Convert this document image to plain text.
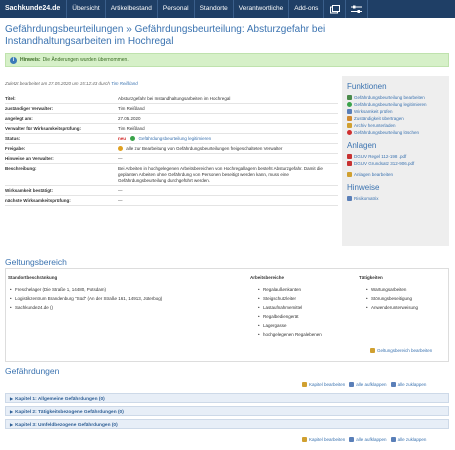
Sachkunde24.de	Übersicht	Artikelbestand	Personal	Standorte	Verantwortliche	Add-ons
Gefährdungsbeurteilungen » Gefährdungsbeurteilung: Absturzgefahr bei Instandhaltungsarbeiten im Hochregal
i	Hinweis: Die Änderungen wurden übernommen.
Zuletzt bearbeitet am 27.05.2020 um 15:12:43 durch Tim Reißland
Titel:	Absturzgefahr bei Instandhaltungsarbeiten im Hochregal
zuständiger Verwalter:	Tim Reißland
angelegt am:	27.05.2020
Verwalter für Wirksamkeitsprüfung:	Tim Reißland
Status:	neu	Gefährdungsbeurteilung legitimieren
Freigabe:	alle zur Bearbeitung von Gefährdungsbeurteilungen freigeschalteten Verwalter
Hinweise an Verwalter:	—
Beschreibung:	Bei Arbeiten in hochgelegenen Arbeitsbereichen von Hochregallagern besteht Absturzgefahr. Damit die geplanten Arbeiten ohne Gefährdung von Personen beseitigt werden kann, muss eine Gefährdungsbeurteilung durchgeführt werden.
Wirksamkeit bestätigt:	—
nächste Wirksamkeitsprüfung:	—
Funktionen
Gefährdungsbeurteilung bearbeiten
Gefährdungsbeurteilung legitimieren
Wirksamkeit prüfen
Zuständigkeit übertragen
Archiv herunterladen
Gefährdungsbeurteilung löschen
Anlagen
DGUV Regel 112-198 .pdf
DGUV Grundsatz 312-906.pdf
Anlagen bearbeiten
Hinweise
Risikomatrix
Geltungsbereich
Standortbeschränkung
• Freschelager (Die Straße 1, 14480, Potsdam)
• Logistikzentrum Brandenburg "Süd" (An der Straße 161, 14913, Jüterbog)
• Sachkunde24.de ()
Arbeitsbereiche
• Regalaußenkanten
• Steigschutzleiter
• Lastaufnahmemittel
• Regalbediengerät
• Lagergasse
• hochgelegenen Regalebenen
Tätigkeiten
• Wartungsarbeiten
• Störungsbeseitigung
• Anwenderunterweisung
Geltungsbereich bearbeiten
Gefährdungen
Kapitel bearbeiten alle aufklappen alle zuklappen
▶ Kapitel 1: Allgemeine Gefährdungen (0)
▶ Kapitel 2: Tätigkeitsbezogene Gefährdungen (0)
▶ Kapitel 3: Umfeldbezogene Gefährdungen (0)
Kapitel bearbeiten alle aufklappen alle zuklappen
